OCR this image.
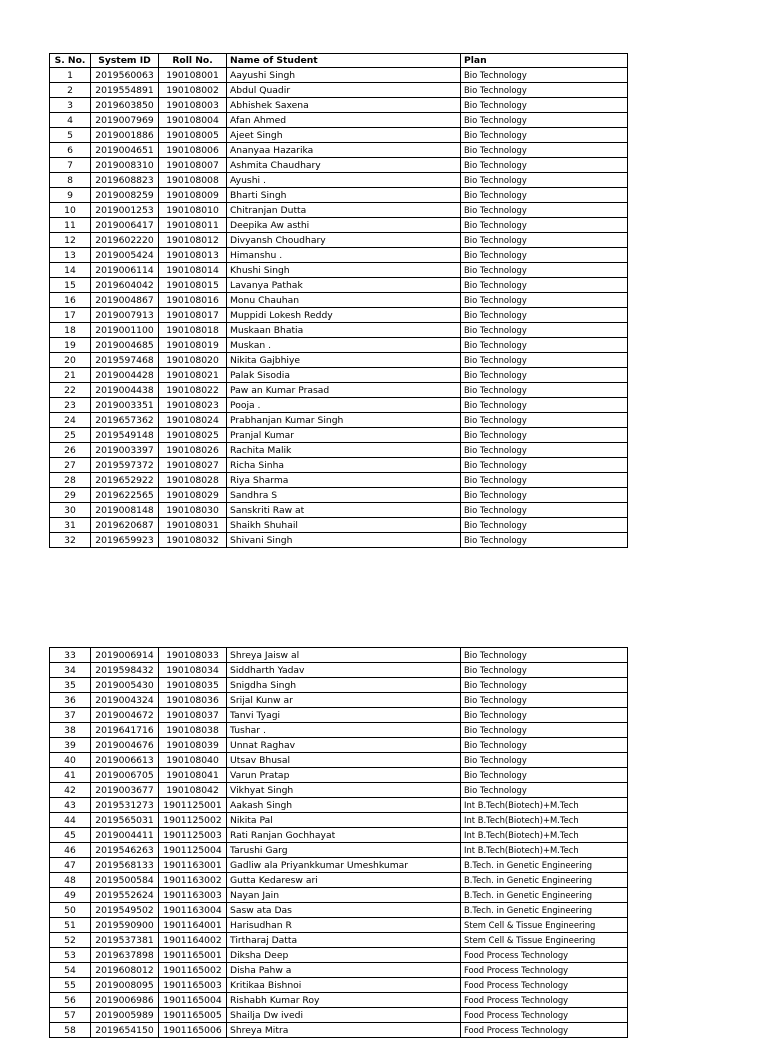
S. No.	System ID	Roll No.	Name of Student	Plan
1	2019560063	190108001	Aayushi Singh	Bio Technology
2	2019554891	190108002	Abdul Quadir	Bio Technology
3	2019603850	190108003	Abhishek Saxena	Bio Technology
4	2019007969	190108004	Afan Ahmed	Bio Technology
5	2019001886	190108005	Ajeet Singh	Bio Technology
6	2019004651	190108006	Ananyaa Hazarika	Bio Technology
7	2019008310	190108007	Ashmita Chaudhary	Bio Technology
8	2019608823	190108008	Ayushi .	Bio Technology
9	2019008259	190108009	Bharti Singh	Bio Technology
10	2019001253	190108010	Chitranjan Dutta	Bio Technology
11	2019006417	190108011	Deepika Aw asthi	Bio Technology
12	2019602220	190108012	Divyansh Choudhary	Bio Technology
13	2019005424	190108013	Himanshu .	Bio Technology
14	2019006114	190108014	Khushi Singh	Bio Technology
15	2019604042	190108015	Lavanya Pathak	Bio Technology
16	2019004867	190108016	Monu Chauhan	Bio Technology
17	2019007913	190108017	Muppidi Lokesh Reddy	Bio Technology
18	2019001100	190108018	Muskaan Bhatia	Bio Technology
19	2019004685	190108019	Muskan .	Bio Technology
20	2019597468	190108020	Nikita Gajbhiye	Bio Technology
21	2019004428	190108021	Palak Sisodia	Bio Technology
22	2019004438	190108022	Paw an Kumar Prasad	Bio Technology
23	2019003351	190108023	Pooja .	Bio Technology
24	2019657362	190108024	Prabhanjan Kumar Singh	Bio Technology
25	2019549148	190108025	Pranjal Kumar	Bio Technology
26	2019003397	190108026	Rachita Malik	Bio Technology
27	2019597372	190108027	Richa Sinha	Bio Technology
28	2019652922	190108028	Riya Sharma	Bio Technology
29	2019622565	190108029	Sandhra S	Bio Technology
30	2019008148	190108030	Sanskriti Raw at	Bio Technology
31	2019620687	190108031	Shaikh Shuhail	Bio Technology
32	2019659923	190108032	Shivani Singh	Bio Technology
33	2019006914	190108033	Shreya Jaisw al	Bio Technology
34	2019598432	190108034	Siddharth Yadav	Bio Technology
35	2019005430	190108035	Snigdha Singh	Bio Technology
36	2019004324	190108036	Srijal Kunw ar	Bio Technology
37	2019004672	190108037	Tanvi Tyagi	Bio Technology
38	2019641716	190108038	Tushar .	Bio Technology
39	2019004676	190108039	Unnat Raghav	Bio Technology
40	2019006613	190108040	Utsav Bhusal	Bio Technology
41	2019006705	190108041	Varun Pratap	Bio Technology
42	2019003677	190108042	Vikhyat Singh	Bio Technology
43	2019531273	1901125001	Aakash Singh	Int B.Tech(Biotech)+M.Tech
44	2019565031	1901125002	Nikita Pal	Int B.Tech(Biotech)+M.Tech
45	2019004411	1901125003	Rati Ranjan Gochhayat	Int B.Tech(Biotech)+M.Tech
46	2019546263	1901125004	Tarushi Garg	Int B.Tech(Biotech)+M.Tech
47	2019568133	1901163001	Gadliw ala Priyankkumar Umeshkumar	B.Tech. in Genetic Engineering
48	2019500584	1901163002	Gutta Kedaresw ari	B.Tech. in Genetic Engineering
49	2019552624	1901163003	Nayan Jain	B.Tech. in Genetic Engineering
50	2019549502	1901163004	Sasw ata Das	B.Tech. in Genetic Engineering
51	2019590900	1901164001	Harisudhan R	Stem Cell & Tissue Engineering
52	2019537381	1901164002	Tirtharaj Datta	Stem Cell & Tissue Engineering
53	2019637898	1901165001	Diksha Deep	Food Process Technology
54	2019608012	1901165002	Disha Pahw a	Food Process Technology
55	2019008095	1901165003	Kritikaa Bishnoi	Food Process Technology
56	2019006986	1901165004	Rishabh Kumar Roy	Food Process Technology
57	2019005989	1901165005	Shailja Dw ivedi	Food Process Technology
58	2019654150	1901165006	Shreya Mitra	Food Process Technology
